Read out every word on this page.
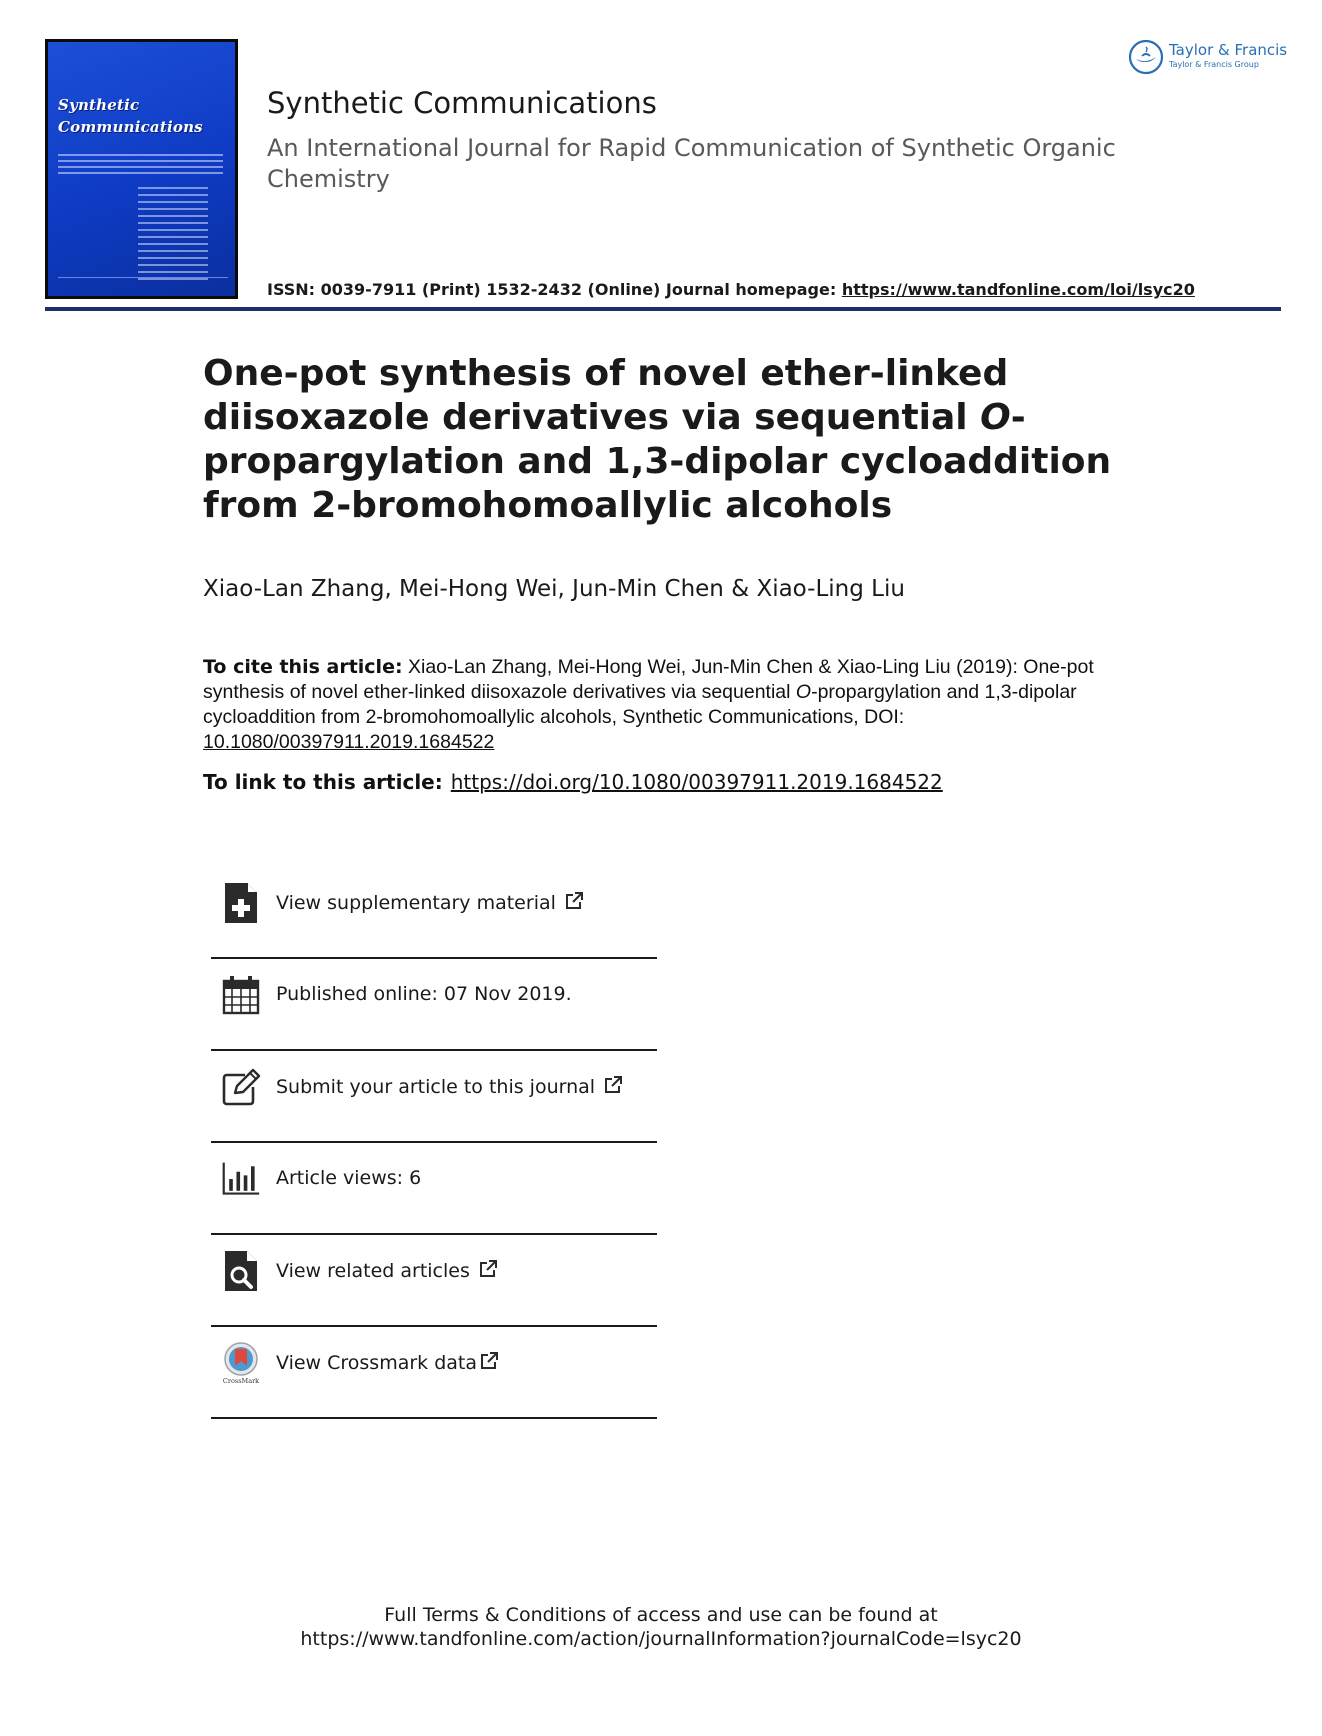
Synthetic
Communications
Synthetic Communications
An International Journal for Rapid Communication of Synthetic Organic Chemistry
ISSN: 0039-7911 (Print) 1532-2432 (Online) Journal homepage: https://www.tandfonline.com/loi/lsyc20
Taylor & Francis
Taylor & Francis Group
One-pot synthesis of novel ether-linked diisoxazole derivatives via sequential O-propargylation and 1,3-dipolar cycloaddition from 2-bromohomoallylic alcohols
Xiao-Lan Zhang, Mei-Hong Wei, Jun-Min Chen & Xiao-Ling Liu
To cite this article: Xiao-Lan Zhang, Mei-Hong Wei, Jun-Min Chen & Xiao-Ling Liu (2019): One-pot synthesis of novel ether-linked diisoxazole derivatives via sequential O-propargylation and 1,3-dipolar cycloaddition from 2-bromohomoallylic alcohols, Synthetic Communications, DOI: 10.1080/00397911.2019.1684522
To link to this article: https://doi.org/10.1080/00397911.2019.1684522
View supplementary material
Published online: 07 Nov 2019.
Submit your article to this journal
Article views: 6
View related articles
CrossMark
View Crossmark data
Full Terms & Conditions of access and use can be found at
https://www.tandfonline.com/action/journalInformation?journalCode=lsyc20
